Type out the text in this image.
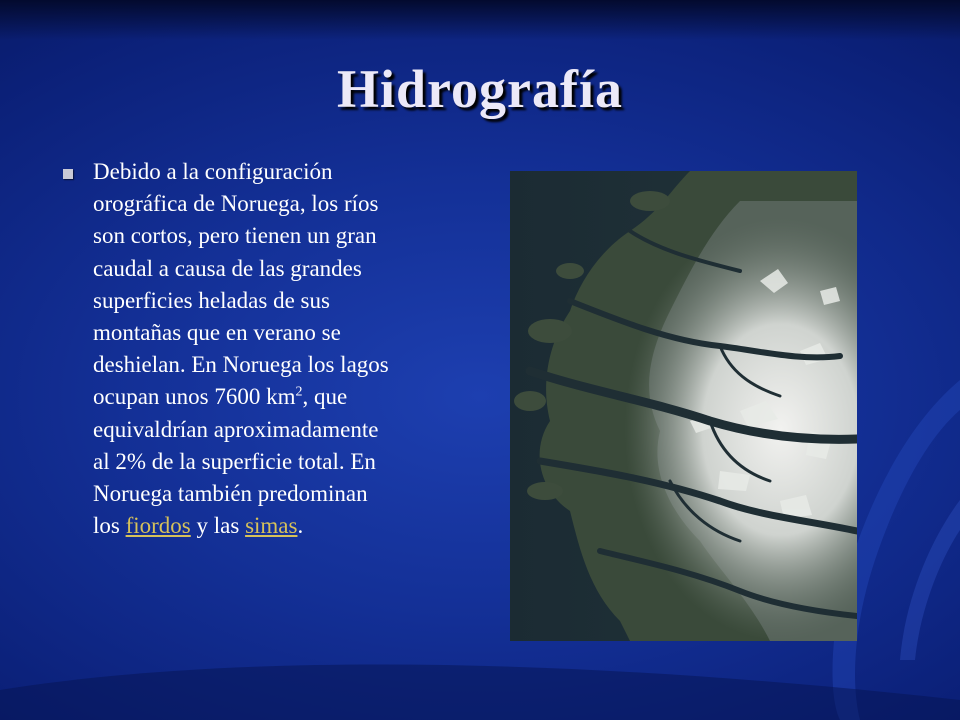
Hidrografía

Debido a la configuración orográfica de Noruega, los ríos son cortos, pero tienen un gran caudal a causa de las grandes superficies heladas de sus montañas que en verano se deshielan. En Noruega los lagos ocupan unos 7600 $km^2$, que equivaldrían aproximadamente al 2% de la superficie total. En Noruega también predominan los fiordos y las simas.
